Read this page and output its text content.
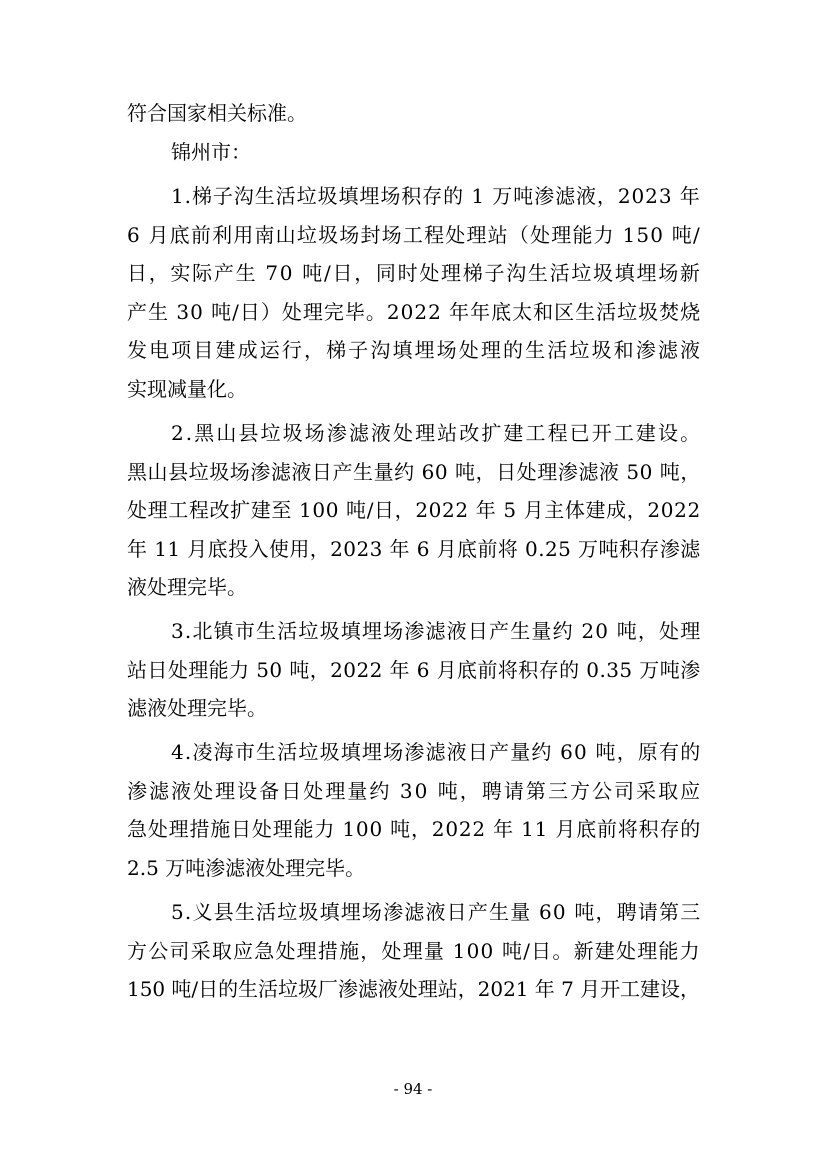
符合国家相关标准。
锦州市：
1.梯子沟生活垃圾填埋场积存的 1 万吨渗滤液，2023 年
6 月底前利用南山垃圾场封场工程处理站（处理能力 150 吨/
日，实际产生 70 吨/日，同时处理梯子沟生活垃圾填埋场新
产生 30 吨/日）处理完毕。2022 年年底太和区生活垃圾焚烧
发电项目建成运行，梯子沟填埋场处理的生活垃圾和渗滤液
实现减量化。
2.黑山县垃圾场渗滤液处理站改扩建工程已开工建设。
黑山县垃圾场渗滤液日产生量约 60 吨，日处理渗滤液 50 吨，
处理工程改扩建至 100 吨/日，2022 年 5 月主体建成，2022
年 11 月底投入使用，2023 年 6 月底前将 0.25 万吨积存渗滤
液处理完毕。
3.北镇市生活垃圾填埋场渗滤液日产生量约 20 吨，处理
站日处理能力 50 吨，2022 年 6 月底前将积存的 0.35 万吨渗
滤液处理完毕。
4.凌海市生活垃圾填埋场渗滤液日产量约 60 吨，原有的
渗滤液处理设备日处理量约 30 吨，聘请第三方公司采取应
急处理措施日处理能力 100 吨，2022 年 11 月底前将积存的
2.5 万吨渗滤液处理完毕。
5.义县生活垃圾填埋场渗滤液日产生量 60 吨，聘请第三
方公司采取应急处理措施，处理量 100 吨/日。新建处理能力
150 吨/日的生活垃圾厂渗滤液处理站，2021 年 7 月开工建设，
- 94 -
